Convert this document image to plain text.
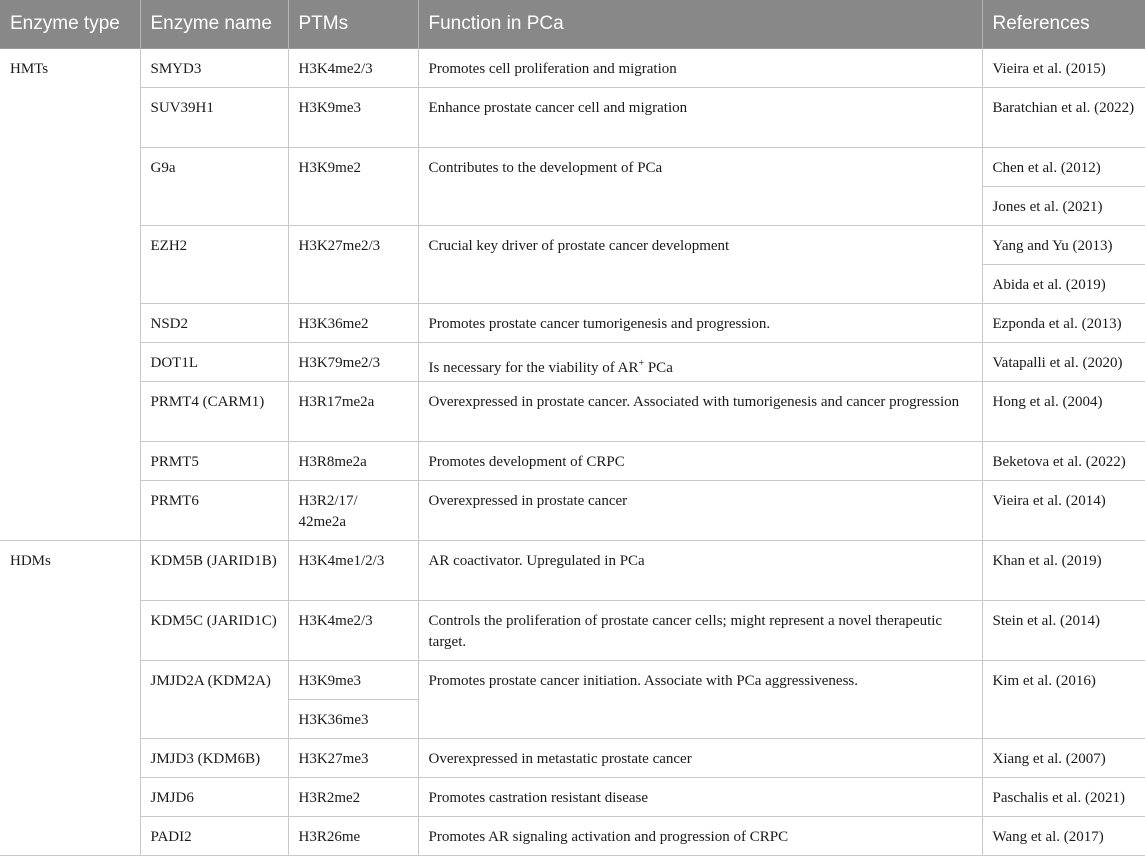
Enzyme type	Enzyme name	PTMs	Function in PCa	References
HMTs	SMYD3	H3K4me2/3	Promotes cell proliferation and migration	Vieira et al. (2015)
	SUV39H1	H3K9me3	Enhance prostate cancer cell and migration	Baratchian et al. (2022)
	G9a	H3K9me2	Contributes to the development of PCa	Chen et al. (2012)
				Jones et al. (2021)
	EZH2	H3K27me2/3	Crucial key driver of prostate cancer development	Yang and Yu (2013)
				Abida et al. (2019)
	NSD2	H3K36me2	Promotes prostate cancer tumorigenesis and progression.	Ezponda et al. (2013)
	DOT1L	H3K79me2/3	Is necessary for the viability of AR+ PCa	Vatapalli et al. (2020)
	PRMT4 (CARM1)	H3R17me2a	Overexpressed in prostate cancer. Associated with tumorigenesis and cancer progression	Hong et al. (2004)
	PRMT5	H3R8me2a	Promotes development of CRPC	Beketova et al. (2022)
	PRMT6	H3R2/17/ 42me2a	Overexpressed in prostate cancer	Vieira et al. (2014)
HDMs	KDM5B (JARID1B)	H3K4me1/2/3	AR coactivator. Upregulated in PCa	Khan et al. (2019)
	KDM5C (JARID1C)	H3K4me2/3	Controls the proliferation of prostate cancer cells; might represent a novel therapeutic target.	Stein et al. (2014)
	JMJD2A (KDM2A)	H3K9me3	Promotes prostate cancer initiation. Associate with PCa aggressiveness.	Kim et al. (2016)
		H3K36me3		
	JMJD3 (KDM6B)	H3K27me3	Overexpressed in metastatic prostate cancer	Xiang et al. (2007)
	JMJD6	H3R2me2	Promotes castration resistant disease	Paschalis et al. (2021)
	PADI2	H3R26me	Promotes AR signaling activation and progression of CRPC	Wang et al. (2017)
